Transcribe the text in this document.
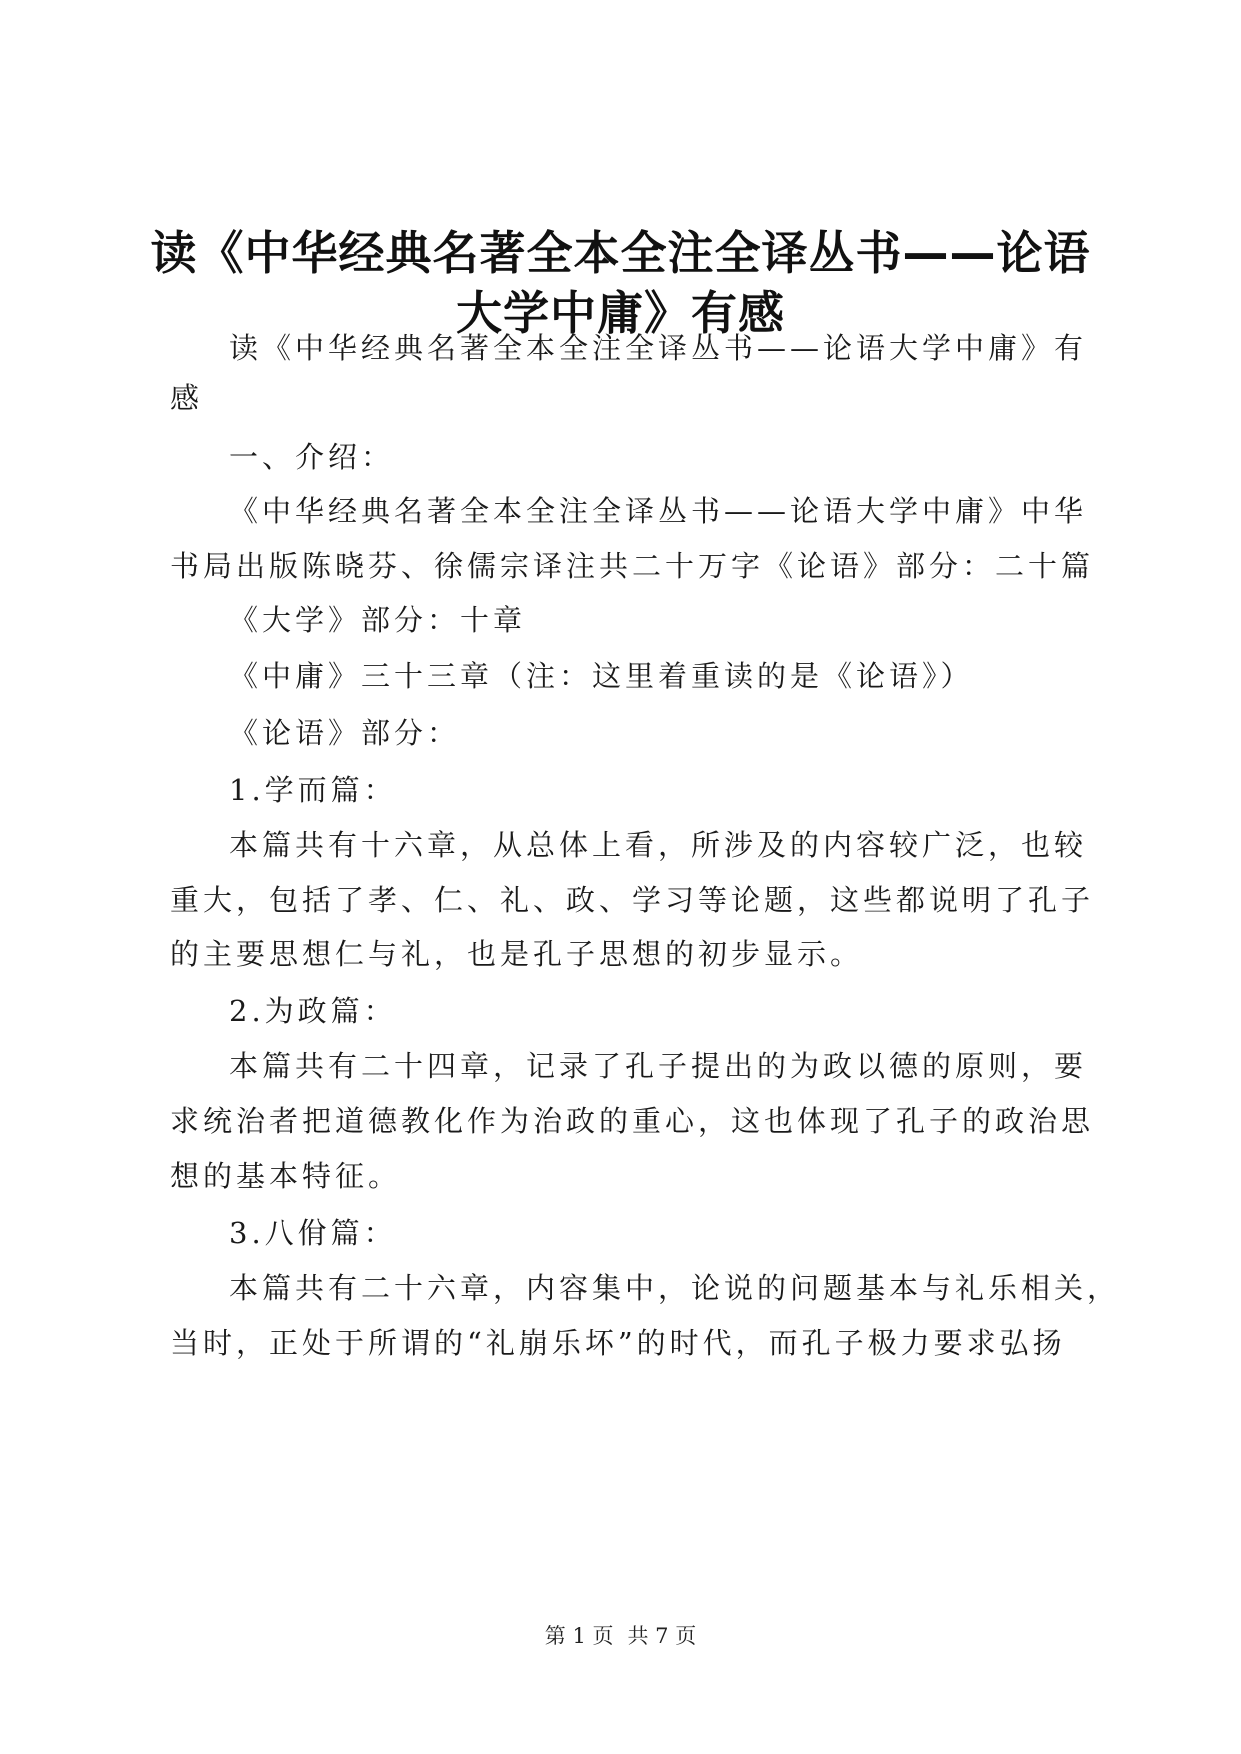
读《中华经典名著全本全注全译丛书——论语
大学中庸》有感

读《中华经典名著全本全注全译丛书——论语大学中庸》有

感

一、介绍：

《中华经典名著全本全注全译丛书——论语大学中庸》中华

书局出版陈晓芬、徐儒宗译注共二十万字《论语》部分：二十篇

《大学》部分：十章

《中庸》三十三章（注：这里着重读的是《论语》）

《论语》部分：

1.学而篇：

本篇共有十六章，从总体上看，所涉及的内容较广泛，也较

重大，包括了孝、仁、礼、政、学习等论题，这些都说明了孔子

的主要思想仁与礼，也是孔子思想的初步显示。

2.为政篇：

本篇共有二十四章，记录了孔子提出的为政以德的原则，要

求统治者把道德教化作为治政的重心，这也体现了孔子的政治思

想的基本特征。

3.八佾篇：

本篇共有二十六章，内容集中，论说的问题基本与礼乐相关，

当时，正处于所谓的“礼崩乐坏”的时代，而孔子极力要求弘扬

第 1 页 共 7 页
